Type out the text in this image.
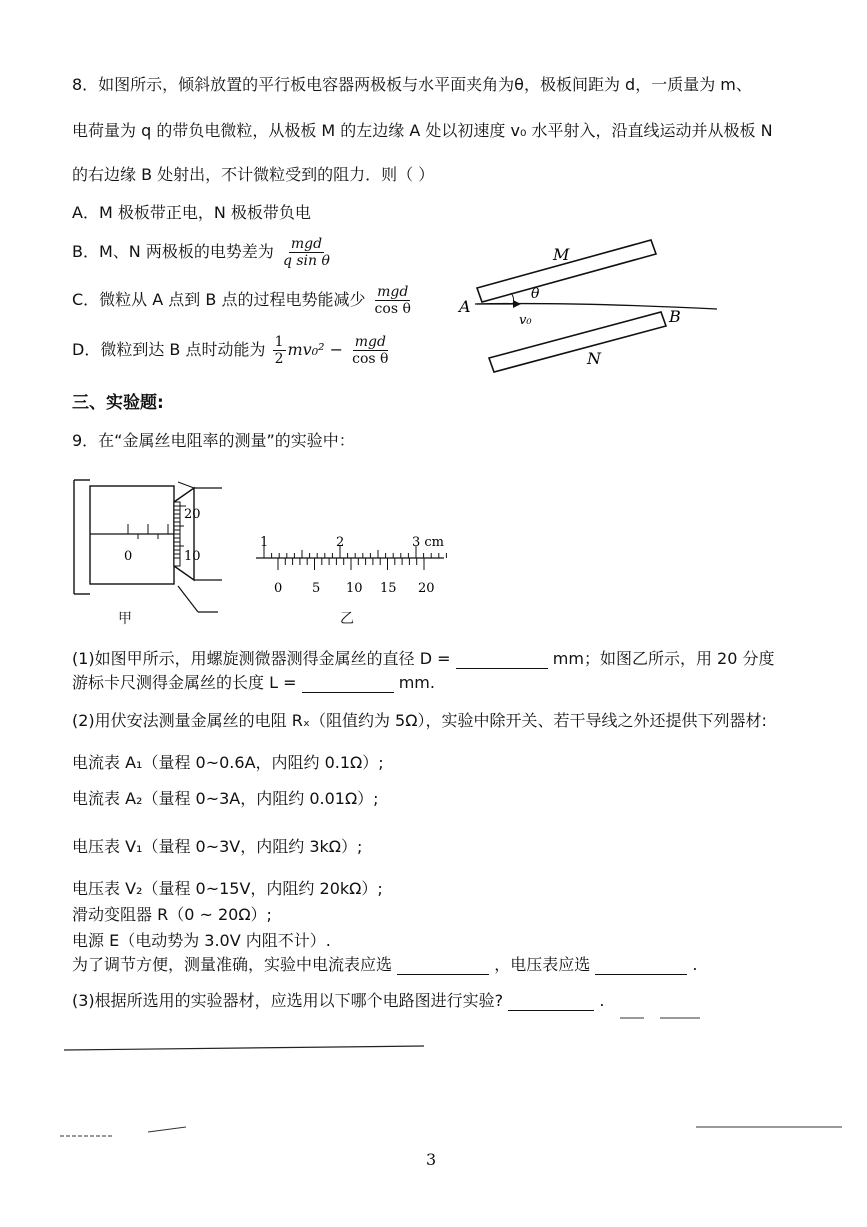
8．如图所示，倾斜放置的平行板电容器两极板与水平面夹角为θ，极板间距为 d，一质量为 m、
电荷量为 q 的带负电微粒，从极板 M 的左边缘 A 处以初速度 v₀ 水平射入，沿直线运动并从极板 N
的右边缘 B 处射出，不计微粒受到的阻力．则（ ）
A．M 极板带正电，N 极板带负电
B．M、N 两极板的电势差为 $\frac{\text{mgd}}{\text{q sin θ}}$
C．微粒从 A 点到 B 点的过程电势能减少 $\frac{\text{mgd}}{\text{cos θ}}$
D．微粒到达 B 点时动能为 $\frac{1}{2} mv_0^2 - \frac{\text{mgd}}{\text{cos θ}}$
M
N
A
B
θ
v₀
三、实验题:
9．在“金属丝电阻率的测量”的实验中：
20
10
0
甲
1	2	3 cm
0 5 10 15 20
乙
(1)如图甲所示，用螺旋测微器测得金属丝的直径 D =	mm；如图乙所示，用 20 分度
游标卡尺测得金属丝的长度 L =	mm.
(2)用伏安法测量金属丝的电阻 Rₓ（阻值约为 5Ω），实验中除开关、若干导线之外还提供下列器材:
电流表 A₁（量程 0~0.6A，内阻约 0.1Ω）;
电流表 A₂（量程 0~3A，内阻约 0.01Ω）;
电压表 V₁（量程 0~3V，内阻约 3kΩ）;
电压表 V₂（量程 0~15V，内阻约 20kΩ）;
滑动变阻器 R（0 ~ 20Ω）;
电源 E（电动势为 3.0V 内阻不计）.
为了调节方便，测量准确，实验中电流表应选	，电压表应选	.
(3)根据所选用的实验器材，应选用以下哪个电路图进行实验?	.
3
